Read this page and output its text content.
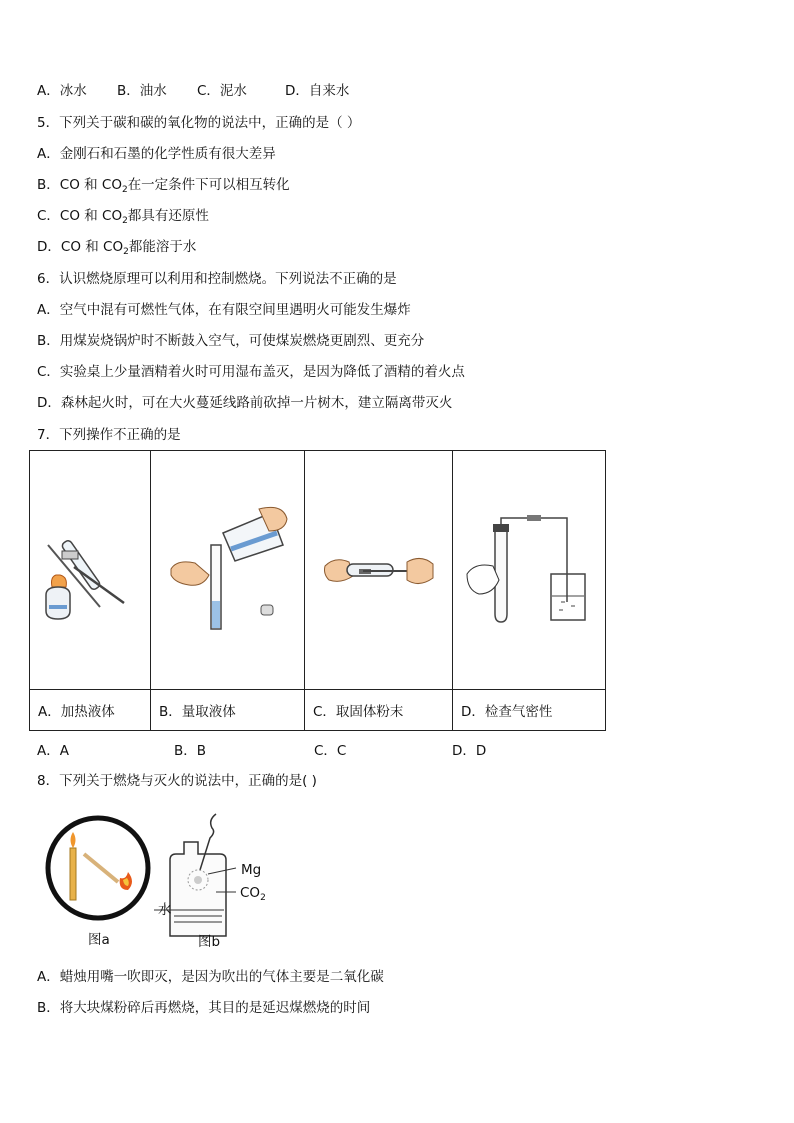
A．冰水 B．油水 C．泥水	D．自来水
5．下列关于碳和碳的氧化物的说法中，正确的是（ ）
A．金刚石和石墨的化学性质有很大差异
B．CO 和 $CO_2$在一定条件下可以相互转化
C．CO 和 $CO_2$都具有还原性
D．CO 和 $CO_2$都能溶于水
6．认识燃烧原理可以利用和控制燃烧。下列说法不正确的是
A．空气中混有可燃性气体，在有限空间里遇明火可能发生爆炸
B．用煤炭烧锅炉时不断鼓入空气，可使煤炭燃烧更剧烈、更充分
C．实验桌上少量酒精着火时可用湿布盖灭，是因为降低了酒精的着火点
D．森林起火时，可在大火蔓延线路前砍掉一片树木，建立隔离带灭火
7．下列操作不正确的是

A．加热液体	B．量取液体	C．取固体粉末	D．检查气密性
A．A	B．B	C．C	D．D
8．下列关于燃烧与灭火的说法中，正确的是( )
Mg
$CO_2$
水
图a	图b
A．蜡烛用嘴一吹即灭，是因为吹出的气体主要是二氧化碳
B．将大块煤粉碎后再燃烧，其目的是延迟煤燃烧的时间
